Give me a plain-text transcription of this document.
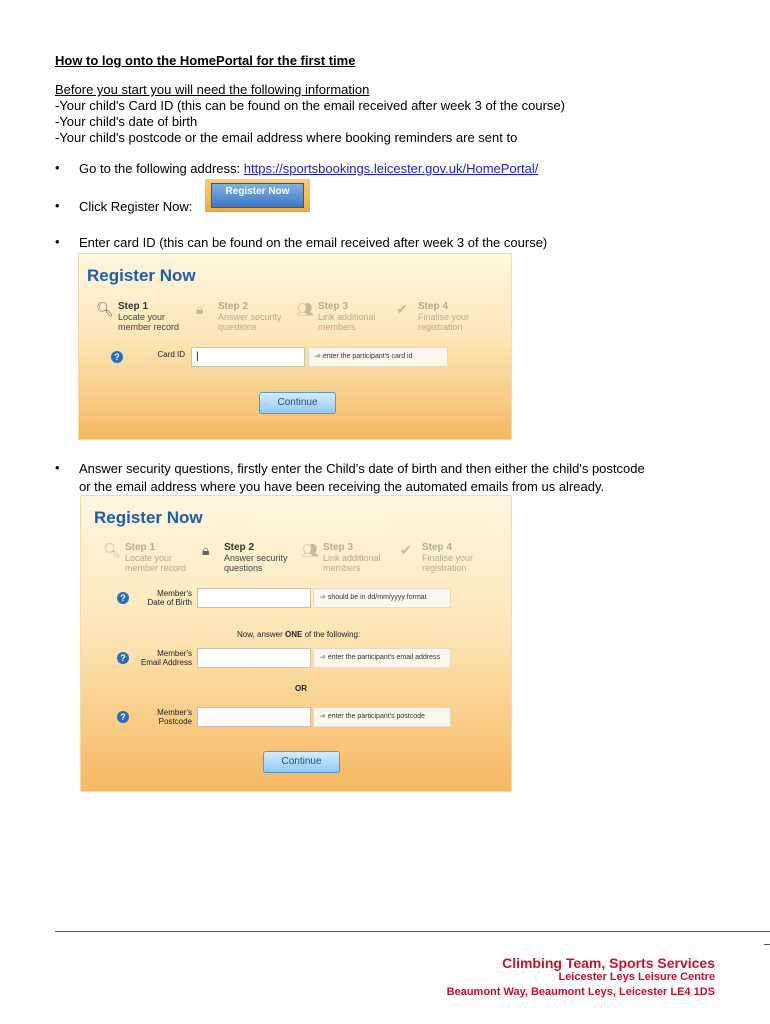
How to log onto the HomePortal for the first time
Before you start you will need the following information
-Your child's Card ID (this can be found on the email received after week 3 of the course)
-Your child's date of birth
-Your child's postcode or the email address where booking reminders are sent to
• Go to the following address: https://sportsbookings.leicester.gov.uk/HomePortal/
• Click Register Now:
Register Now
• Enter card ID (this can be found on the email received after week 3 of the course)
Register Now
🔍︎ Step 1
Locate your
member record
🔒︎ Step 2
Answer security
questions
👥︎ Step 3
Link additional
members
✔ Step 4
Finalise your
registration
?	Card ID	|	➾ enter the participant's card id
Continue
• Answer security questions, firstly enter the Child's date of birth and then either the child's postcode
or the email address where you have been receiving the automated emails from us already.
Register Now
🔍︎ Step 1
Locate your
member record
🔒︎ Step 2
Answer security
questions
👥︎ Step 3
Link additional
members
✔ Step 4
Finalise your
registration
?	Member's
Date of Birth
➾ should be in dd/mm/yyyy format
Now, answer ONE of the following:
?	Member's
Email Address
➾ enter the participant's email address
OR
?	Member's
Postcode
➾ enter the participant's postcode
Continue
Climbing Team, Sports Services
Leicester Leys Leisure Centre
Beaumont Way, Beaumont Leys, Leicester LE4 1DS
